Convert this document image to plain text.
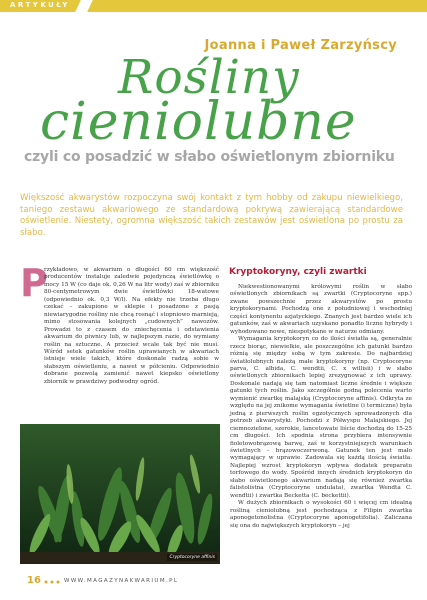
ARTYKUŁY
Joanna i Paweł Zarzyńscy
Rośliny
cieniolubne
czyli co posadzić w słabo oświetlonym zbiorniku
Większość akwarystów rozpoczyna swój kontakt z tym hobby od zakupu niewielkiego, taniego zestawu akwariowego ze standardową pokrywą zawierającą standardowe oświetlenie. Niestety, ogromna większość takich zestawów jest oświetlona po prostu za słabo.
P

rzykładowo, w akwarium o długości 60 cm większość producentów instaluje zaledwie pojedynczą świetlówkę o mocy 15 W (co daje ok. 0,26 W na litr wody) zaś w zbiorniku 80-centymetrowym dwie świetlówki 18-watowe (odpowiednio ok. 0,3 W/l). Na efekty nie trzeba długo czekać – zakupione w sklepie i posadzone z pasją niewiarygodne rośliny nie chcą rosnąć i stopniowo marnieją, mimo stosowania kolejnych „cudownych” nawozów. Prowadzi to z czasem do zniechęcenia i odstawienia akwarium do piwnicy lub, w najlepszym razie, do wymiany roślin na sztuczne. A przecież wcale tak być nie musi. Wśród setek gatunków roślin uprawianych w akwariach istnieje wiele takich, które doskonale radzą sobie w słabszym oświetleniu, a nawet w półcieniu. Odpowiednio dobrane pozwolą zamienić nawet kiepsko oświetlony zbiornik w prawdziwy podwodny ogród.

Kryptokoryny, czyli zwartki

Niekwestionowanymi królowymi roślin w słabo oświetlonych zbiornikach są zwartki (Cryptocoryne spp.) zwane powszechnie przez akwarystów po prostu kryptokorynami. Pochodzą one z południowej i wschodniej części kontynentu azjatyckiego. Znanych jest bardzo wiele ich gatunków, zaś w akwariach uzyskano ponadto liczne hybrydy i wyhodowano nowe, niespotykane w naturze odmiany.

Wymagania kryptokoryn co do ilości światła są, generalnie rzecz biorąc, niewielkie, ale poszczególne ich gatunki bardzo różnią się między sobą w tym zakresie. Do najbardziej światłolubnych należą małe kryptokoryny (np. Cryptocoryne parva, C. albida, C. wendtii, C. x willisii) i w słabo oświetlonych zbiornikach lepiej zrezygnować z ich uprawy. Doskonale nadają się tam natomiast liczne średnie i większe gatunki tych roślin. Jako szczególnie godną polecenia warto wymienić zwartkę malajską (Cryptocoryne affinis). Odkryta ze względu na jej znikome wymagania świetlne (i termiczne) była jedną z pierwszych roślin egzotycznych sprowadzonych dla potrzeb akwarystyki. Pochodzi z Półwyspu Malajskiego. Jej ciemnozielone, szerokie, lancetowate liście dochodzą do 15-25 cm długości. Ich spodnia strona przybiera intensywnie fioletowobrązową barwę, zaś w korzystniejszych warunkach świetlnych – brązowoczerwoną. Gatunek ten jest mało wymagający w uprawie. Zadowala się każdą ilością światła. Najlepiej wzrost kryptokoryn wpływa dodatek preparatu torfowego do wody. Spośród innych średnich kryptokoryn do słabo oświetlonego akwarium nadają się również zwartka falistolistna (Cryptocoryne undulata), zwartka Wendta C. wendtii) i zwartka Becketta (C. beckettii).

W dużych zbiornikach o wysokości 60 i więcej cm idealną rośliną cieniolubną jest pochodząca z Filipin zwartka aponogetonolistna (Cryptocoryne aponogetifolia). Zaliczana się ona do największych kryptokoryn – jej

Cryptocoryne affinis
16	WWW.MAGAZYNAKWARIUM.PL
